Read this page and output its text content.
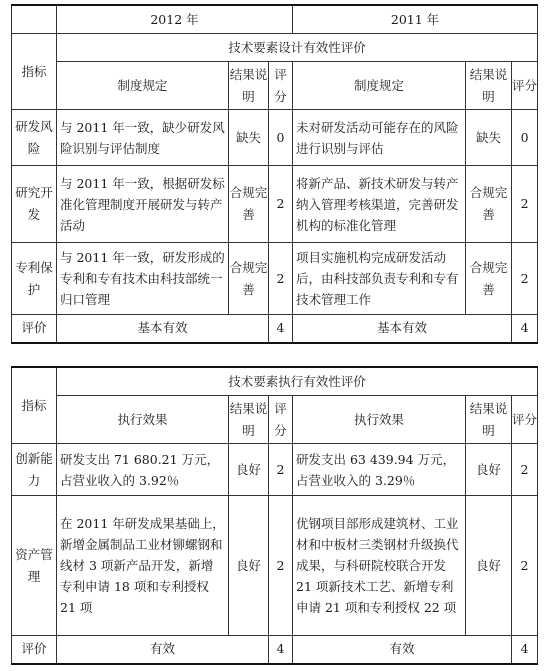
	2012 年			2011 年		
指标	技术要素设计有效性评价					
	制度规定	结果说明	评分	制度规定	结果说明	评分
研发风险	与 2011 年一致，缺少研发风险识别与评估制度	缺失	0	未对研发活动可能存在的风险进行识别与评估	缺失	0
研究开发	与 2011 年一致，根据研发标准化管理制度开展研发与转产活动	合规完善	2	将新产品、新技术研发与转产纳入管理考核渠道，完善研发机构的标准化管理	合规完善	2
专利保护	与 2011 年一致，研发形成的专利和专有技术由科技部统一归口管理	合规完善	2	项目实施机构完成研发活动后，由科技部负责专利和专有技术管理工作	合规完善	2
评价	基本有效		4	基本有效		4
指标	技术要素执行有效性评价					
	执行效果	结果说明	评分	执行效果	结果说明	评分
创新能力	研发支出 71 680.21 万元，占营业收入的 3.92％	良好	2	研发支出 63 439.94 万元，占营业收入的 3.29％	良好	2
资产管理	在 2011 年研发成果基础上，新增金属制品工业材铆螺钢和线材 3 项新产品开发，新增专利申请 18 项和专利授权 21 项	良好	2	优钢项目部形成建筑材、工业材和中板材三类钢材升级换代成果，与科研院校联合开发 21 项新技术工艺、新增专利申请 21 项和专利授权 22 项	良好	2
评价	有效		4	有效		4
